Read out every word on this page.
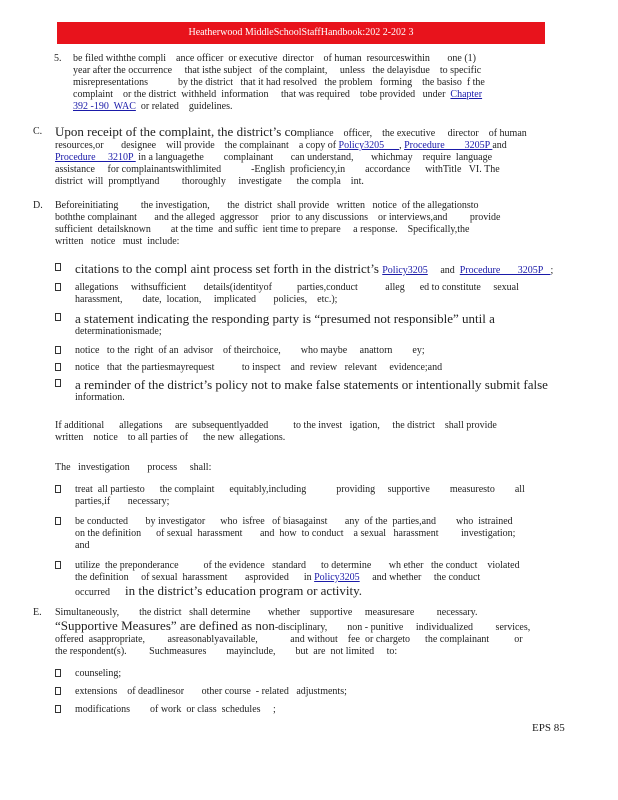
Heatherwood MiddleSchoolStaffHandbook:202 2-202 3
5. be filed withthe compli    ance officer  or executive  director    of human  resourceswithin       one (1)
year after the occurrence     that isthe subject   of the complaint,     unless   the delayisdue    to specific
misrepresentations            by the district   that it had resolved   the problem   forming    the basiso  f the
complaint    or the district  withheld  information     that was required    tobe provided   under  Chapter
392 -190  WAC  or related    guidelines.
C. Upon receipt of the complaint, the district’s compliance    officer,    the executive     director    of human
resources,or       designee    will provide    the complainant    a copy of Policy3205      , Procedure        3205P and
Procedure     3210P  in a languagethe        complainant       can understand,       whichmay    require  language
assistance     for complainantswithlimited            -English  proficiency,in        accordance      withTitle   VI. The
district  will  promptlyand         thoroughly     investigate      the compla    int.
D. Beforeinitiating         the investigation,       the  district  shall provide   written   notice  of the allegationsto
boththe complainant       and the alleged  aggressor     prior  to any discussions    or interviews,and         provide
sufficient  detailsknown        at the time  and suffic  ient time to prepare     a response.    Specifically,the
written   notice   must  include:
citations to the compl aint process set forth in the district’s Policy3205     and  Procedure       3205P   ;
allegations     withsufficient       details(identityof          parties,conduct           alleg      ed to constitute     sexual
harassment,        date,  location,     implicated       policies,    etc.);
a statement indicating the responding party is “presumed not responsible” until a
determinationismade;
notice   to the  right  of an  advisor    of theirchoice,        who maybe     anattorn        ey;
notice   that  the partiesmayrequest           to inspect    and  review   relevant     evidence;and
a reminder of the district’s policy not to make false statements or intentionally submit false
information.
If additional      allegations     are  subsequentlyadded          to the invest   igation,     the district    shall provide
written    notice    to all parties of      the new  allegations.
The   investigation       process     shall:
treat  all partiesto      the complaint      equitably,including            providing     supportive        measuresto        all
parties,if       necessary;
be conducted       by investigator      who  isfree   of biasagainst       any  of the  parties,and        who  istrained
on the definition      of sexual  harassment       and  how  to conduct    a sexual   harassment         investigation;
and
utilize  the preponderance          of the evidence   standard      to determine       wh ether   the conduct    violated
the definition     of sexual  harassment       asprovided      in Policy3205     and whether     the conduct
occurred      in the district’s education program or activity.
E. Simultaneously,        the district   shall determine       whether    supportive     measuresare         necessary.
“Supportive Measures” are defined as non-disciplinary,        non - punitive     individualized         services,
offered  asappropriate,         asreasonablyavailable,             and without    fee  or chargeto      the complainant          or
the respondent(s).         Suchmeasures        mayinclude,        but  are  not limited     to:
counseling;
extensions    of deadlinesor       other course  - related   adjustments;
modifications        of work  or class  schedules     ;
EPS 85
